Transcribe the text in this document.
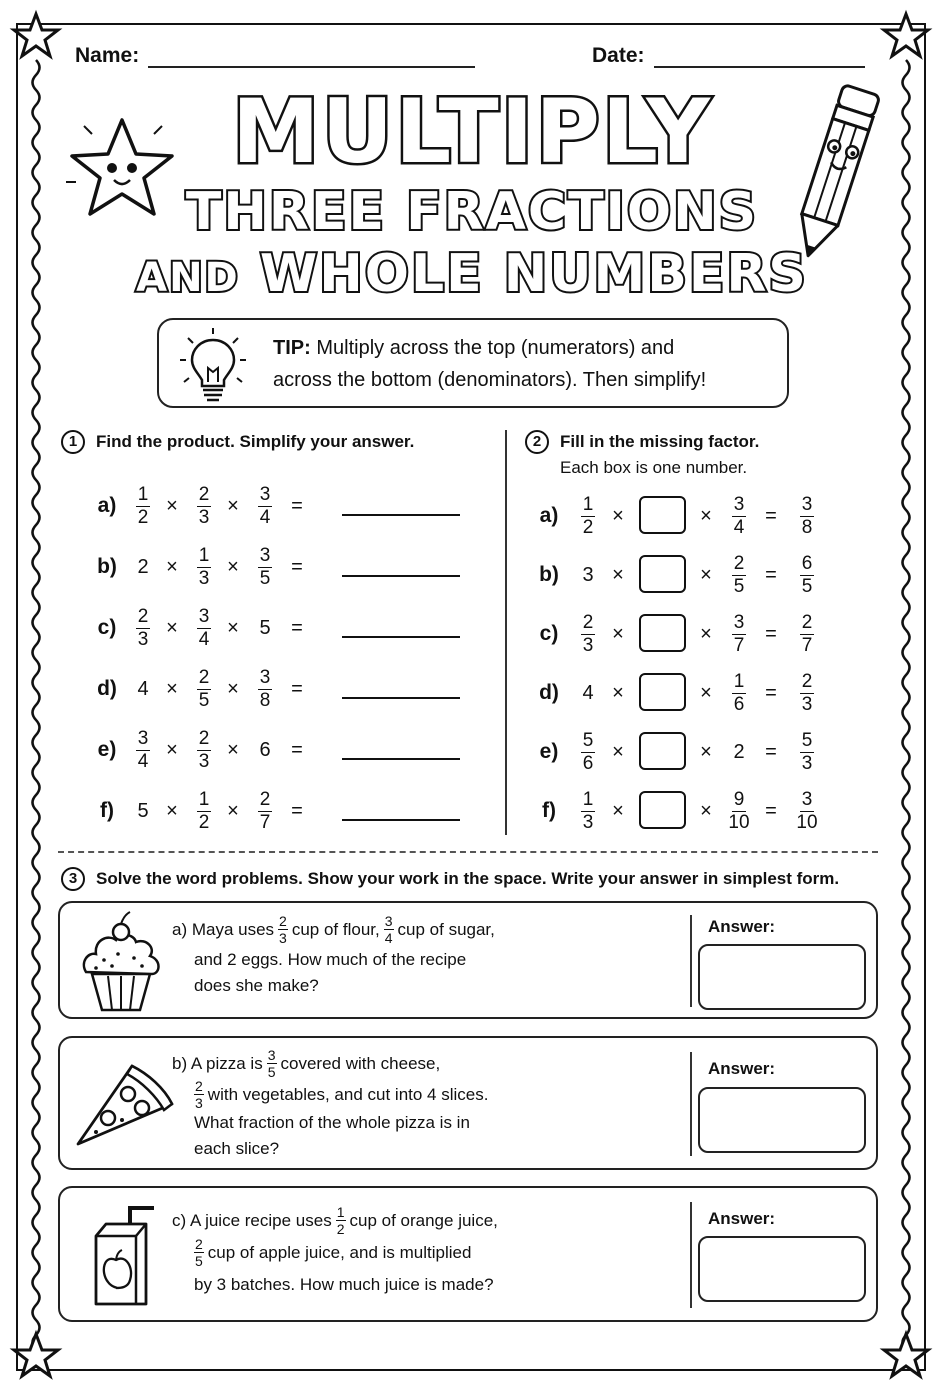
Name:	Date:
MULTIPLY
THREE FRACTIONS
AND WHOLE NUMBERS
TIP: Multiply across the top (numerators) and
across the bottom (denominators). Then simplify!
1	Find the product. Simplify your answer.	2	Fill in the missing factor.
Each box is one number.
$a) \frac{1}{2} \times \frac{2}{3} \times \frac{3}{4}$ =
b) $2 \times \frac{1}{3} \times \frac{3}{5}$ =
$c) \frac{2}{3} \times \frac{3}{4} \times 5$ =
d) $4 \times \frac{2}{5} \times \frac{3}{8}$ =
$e) \frac{3}{4} \times \frac{2}{3} \times 6$ =
f) $5 \times \frac{1}{2} \times \frac{2}{7}$ =
$a) \frac{1}{2}$ ×	× $\frac{3}{4} = \frac{3}{8}$
b) 3 ×	× $\frac{2}{5} = \frac{6}{5}$
$c) \frac{2}{3}$ ×	× $\frac{3}{7} = \frac{2}{7}$
d) 4 ×	× $\frac{1}{6} = \frac{2}{3}$
$e) \frac{5}{6}$ ×	× $2 = \frac{5}{3}$
$f) \frac{1}{3}$ ×	× $\frac{9}{10} = \frac{3}{10}$
3	Solve the word problems. Show your work in the space. Write your answer in simplest form.
a) Maya uses $\frac{2}{3}$ cup of flour, $\frac{3}{4}$ cup of sugar,
and 2 eggs. How much of the recipe
does she make?
Answer:
b) A pizza is $\frac{3}{5}$ covered with cheese,
$\frac{2}{3}$ with vegetables, and cut into 4 slices.
What fraction of the whole pizza is in
each slice?
Answer:
c) A juice recipe uses $\frac{1}{2}$ cup of orange juice,
$\frac{2}{5}$ cup of apple juice, and is multiplied
by 3 batches. How much juice is made?
Answer:
